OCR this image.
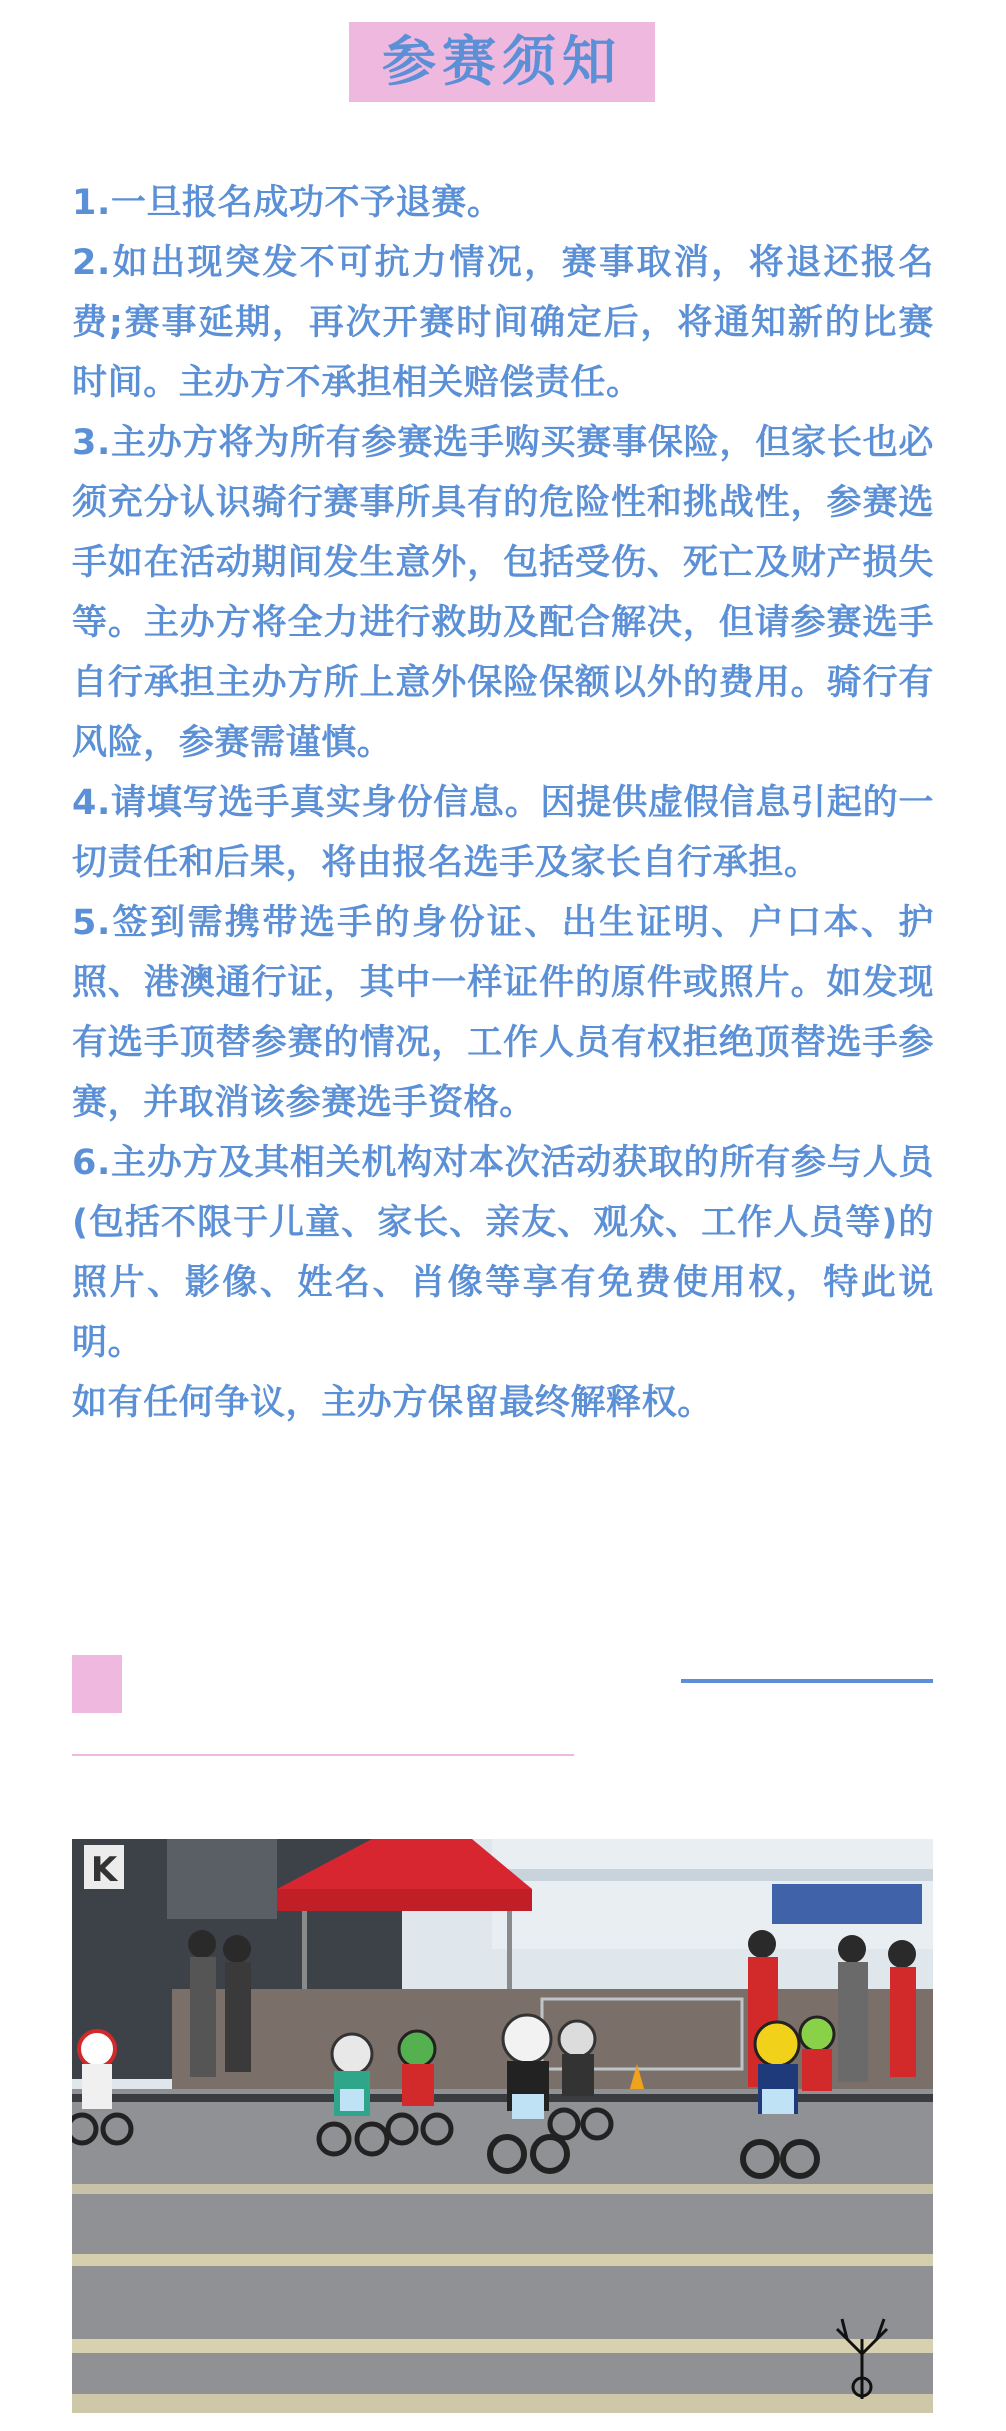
参赛须知

1.一旦报名成功不予退赛。

2.如出现突发不可抗力情况，赛事取消，将退还报名费;赛事延期，再次开赛时间确定后，将通知新的比赛时间。主办方不承担相关赔偿责任。

3.主办方将为所有参赛选手购买赛事保险，但家长也必须充分认识骑行赛事所具有的危险性和挑战性，参赛选手如在活动期间发生意外，包括受伤、死亡及财产损失等。主办方将全力进行救助及配合解决，但请参赛选手自行承担主办方所上意外保险保额以外的费用。骑行有风险，参赛需谨慎。

4.请填写选手真实身份信息。因提供虚假信息引起的一切责任和后果，将由报名选手及家长自行承担。

5.签到需携带选手的身份证、出生证明、户口本、护照、港澳通行证，其中一样证件的原件或照片。如发现有选手顶替参赛的情况，工作人员有权拒绝顶替选手参赛，并取消该参赛选手资格。

6.主办方及其相关机构对本次活动获取的所有参与人员(包括不限于儿童、家长、亲友、观众、工作人员等)的照片、影像、姓名、肖像等享有免费使用权，特此说明。

如有任何争议，主办方保留最终解释权。

K
